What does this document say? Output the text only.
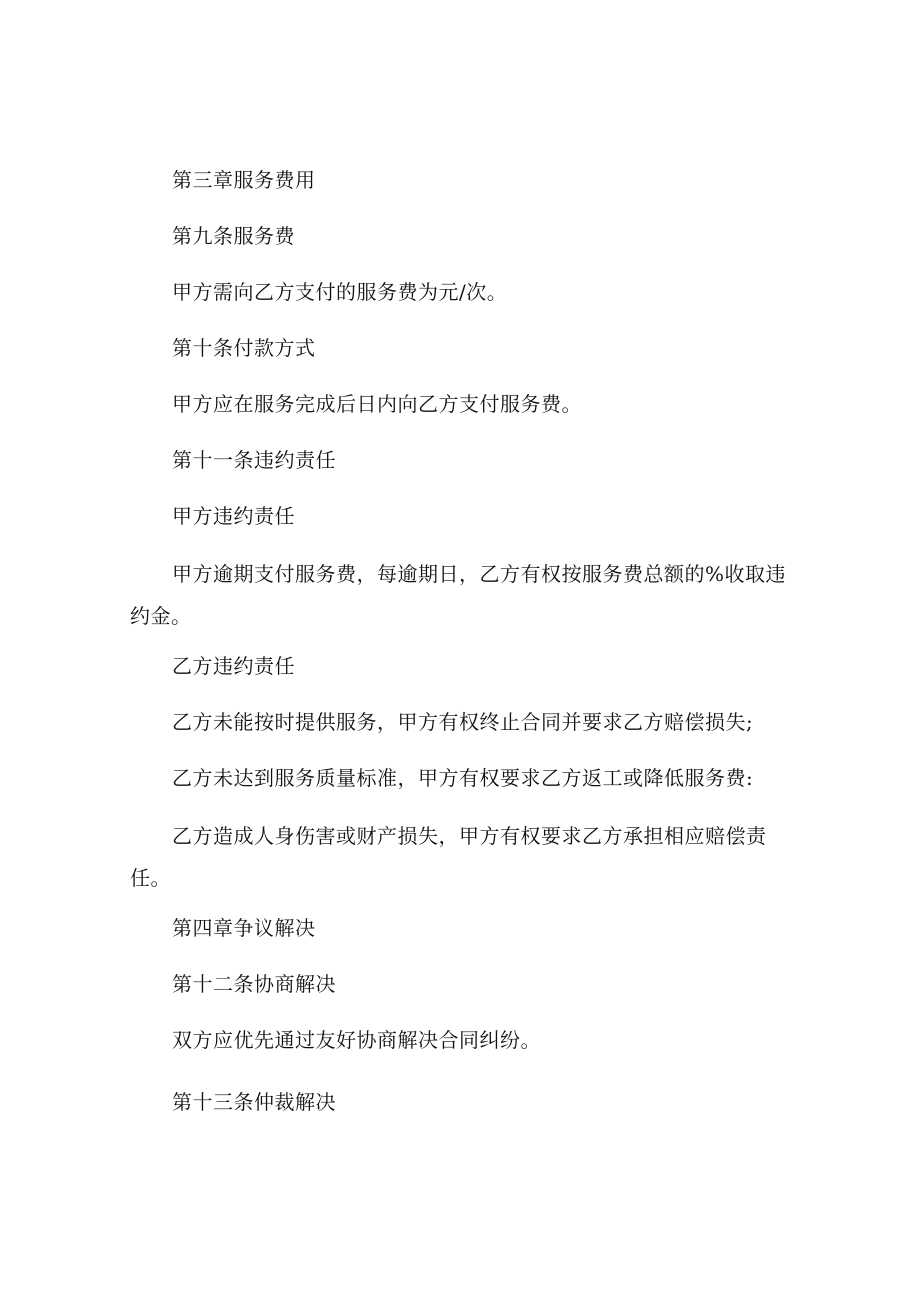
第三章服务费用
第九条服务费
甲方需向乙方支付的服务费为元/次。
第十条付款方式
甲方应在服务完成后日内向乙方支付服务费。
第十一条违约责任
甲方违约责任
甲方逾期支付服务费，每逾期日，乙方有权按服务费总额的%收取违约金。
乙方违约责任
乙方未能按时提供服务，甲方有权终止合同并要求乙方赔偿损失;
乙方未达到服务质量标准，甲方有权要求乙方返工或降低服务费:
乙方造成人身伤害或财产损失，甲方有权要求乙方承担相应赔偿责任。
第四章争议解决
第十二条协商解决
双方应优先通过友好协商解决合同纠纷。
第十三条仲裁解决
